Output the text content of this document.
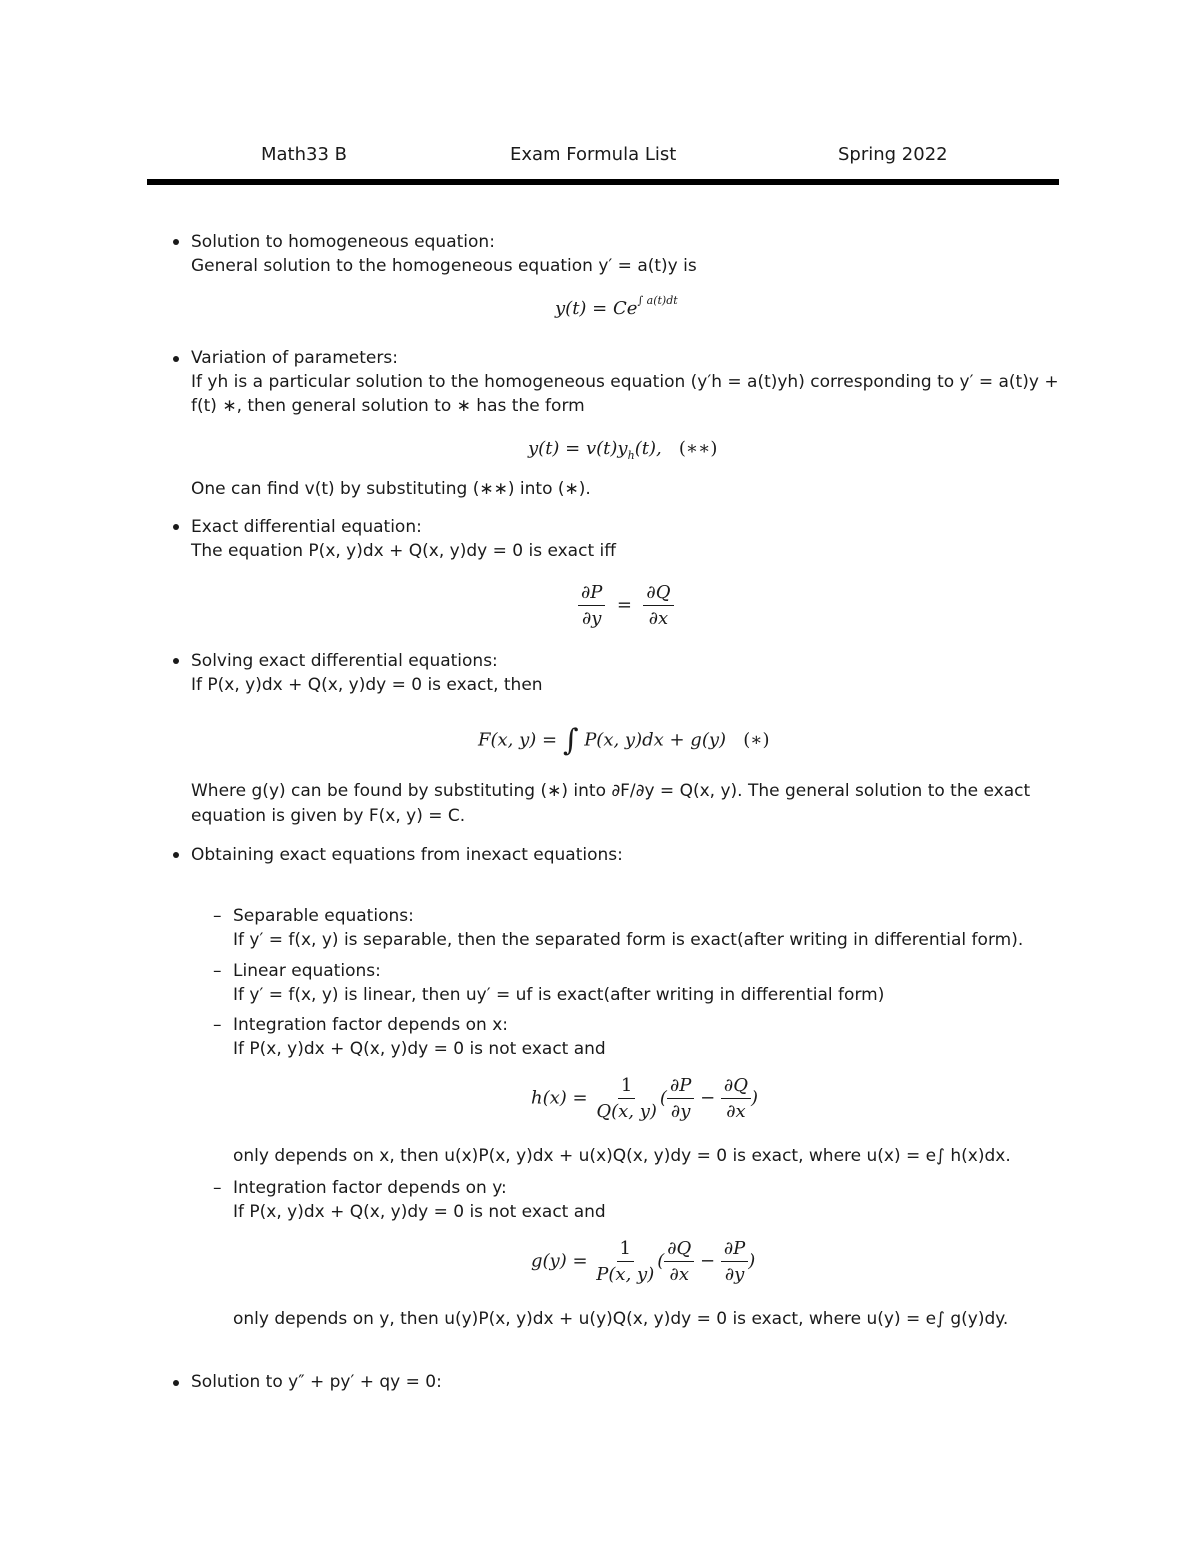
Math33 B	Exam Formula List	Spring 2022
Solution to homogeneous equation:
General solution to the homogeneous equation y′ = a(t)y is
$y(t) = Ce^{\int a(t)dt}$
Variation of parameters:
If yh is a particular solution to the homogeneous equation (y′h = a(t)yh) corresponding to y′ = a(t)y +
f(t) ∗, then general solution to ∗ has the form
$y(t) = v(t)y_h(t)$,   (∗∗)
One can find v(t) by substituting (∗∗) into (∗).
Exact differential equation:
The equation P(x, y)dx + Q(x, y)dy = 0 is exact iff
$\frac{\partial P}{\partial y} = \frac{\partial Q}{\partial x}$
Solving exact differential equations:
If P(x, y)dx + Q(x, y)dy = 0 is exact, then
F(x, y) = ∫ P(x, y)dx + g(y)   (∗)
Where g(y) can be found by substituting (∗) into ∂F/∂y = Q(x, y). The general solution to the exact
equation is given by F(x, y) = C.
Obtaining exact equations from inexact equations:
– Separable equations:
If y′ = f(x, y) is separable, then the separated form is exact(after writing in differential form).
– Linear equations:
If y′ = f(x, y) is linear, then uy′ = uf is exact(after writing in differential form)
– Integration factor depends on x:
If P(x, y)dx + Q(x, y)dy = 0 is not exact and
$h(x) = \frac{1}{Q(x, y)}$ ( $\frac{\partial P}{\partial y} - \frac{\partial Q}{\partial x}$ )
only depends on x, then u(x)P(x, y)dx + u(x)Q(x, y)dy = 0 is exact, where u(x) = e∫ h(x)dx.
– Integration factor depends on y:
If P(x, y)dx + Q(x, y)dy = 0 is not exact and
$g(y) = \frac{1}{P(x, y)}$ ( $\frac{\partial Q}{\partial x} - \frac{\partial P}{\partial y}$ )
only depends on y, then u(y)P(x, y)dx + u(y)Q(x, y)dy = 0 is exact, where u(y) = e∫ g(y)dy.
Solution to y″ + py′ + qy = 0:
